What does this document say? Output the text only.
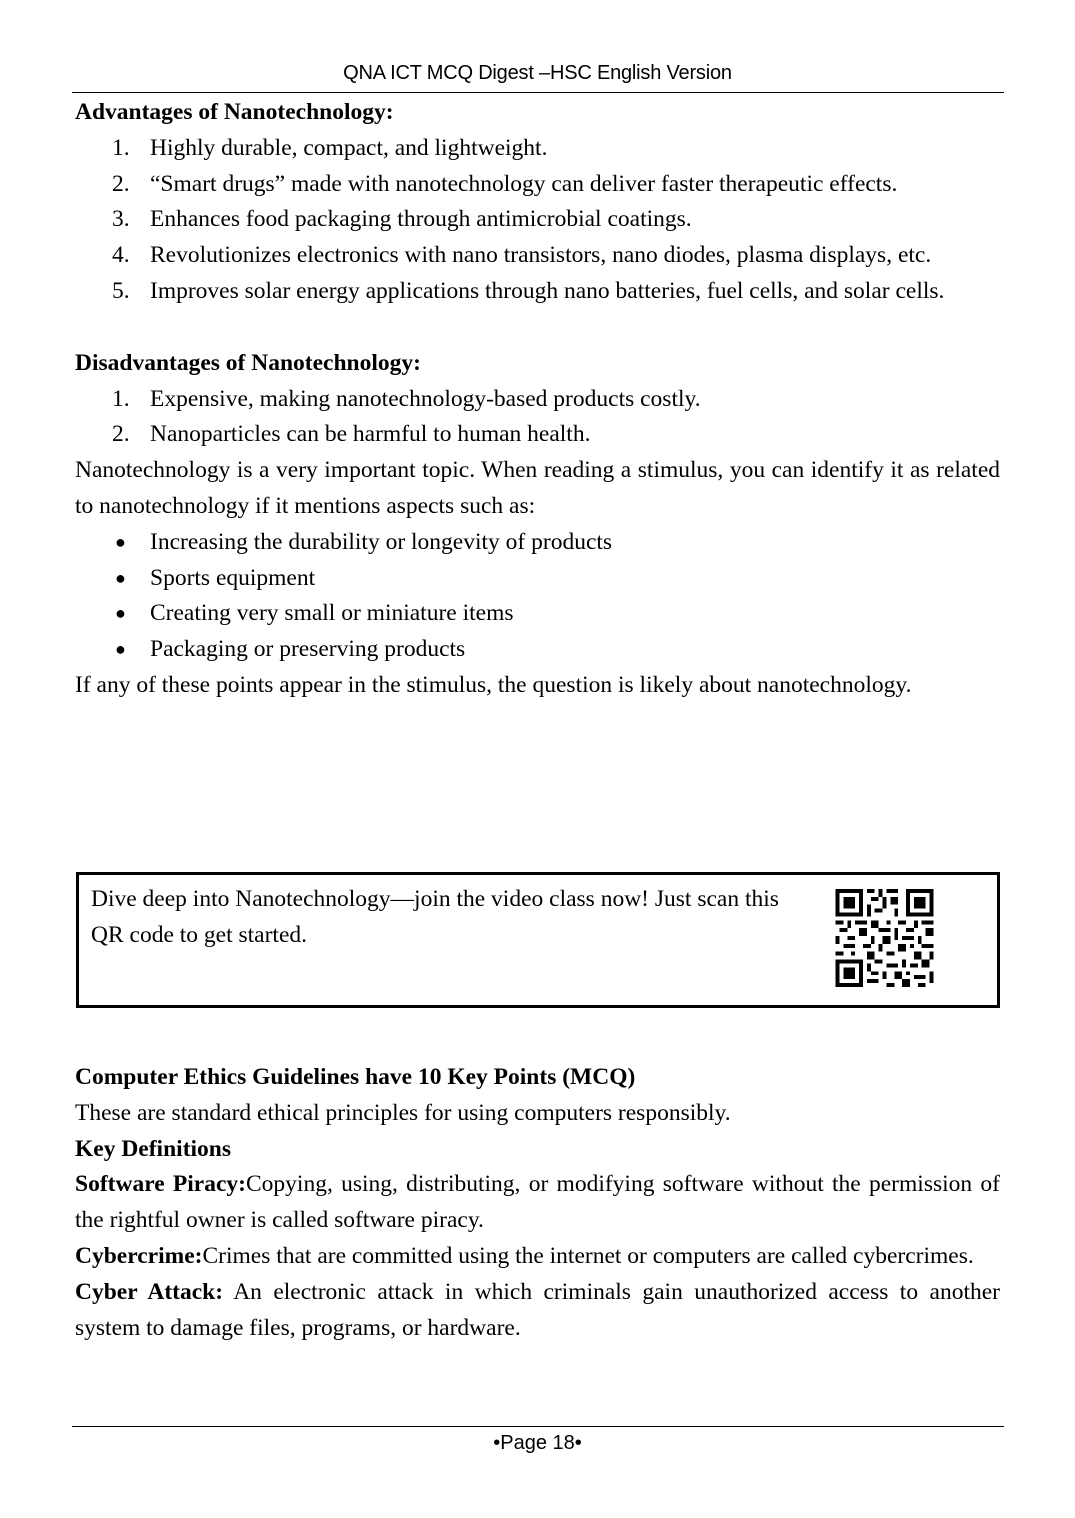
QNA ICT MCQ Digest –HSC English Version
Advantages of Nanotechnology:
1. Highly durable, compact, and lightweight.
2. “Smart drugs” made with nanotechnology can deliver faster therapeutic effects.
3. Enhances food packaging through antimicrobial coatings.
4. Revolutionizes electronics with nano transistors, nano diodes, plasma displays, etc.
5. Improves solar energy applications through nano batteries, fuel cells, and solar cells.
Disadvantages of Nanotechnology:
1. Expensive, making nanotechnology-based products costly.
2. Nanoparticles can be harmful to human health.
Nanotechnology is a very important topic. When reading a stimulus, you can identify it as related to nanotechnology if it mentions aspects such as:
● Increasing the durability or longevity of products
● Sports equipment
● Creating very small or miniature items
● Packaging or preserving products
If any of these points appear in the stimulus, the question is likely about nanotechnology.
Dive deep into Nanotechnology—join the video class now! Just scan this QR code to get started.
Computer Ethics Guidelines have 10 Key Points (MCQ)
These are standard ethical principles for using computers responsibly.
Key Definitions
Software Piracy:Copying, using, distributing, or modifying software without the permission of the rightful owner is called software piracy.
Cybercrime:Crimes that are committed using the internet or computers are called cybercrimes.
Cyber Attack: An electronic attack in which criminals gain unauthorized access to another system to damage files, programs, or hardware.
•Page 18•
